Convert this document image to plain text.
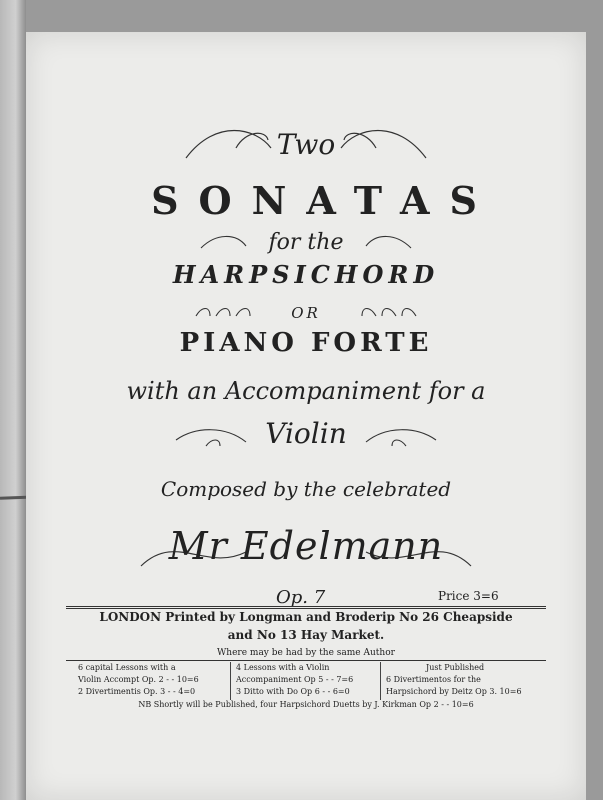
Two
SONATAS
for the
HARPSICHORD
OR
PIANO FORTE
with an Accompaniment for a
Violin
Composed by the celebrated
Mr Edelmann
Op. 7	Price 3=6
LONDON Printed by Longman and Broderip No 26 Cheapside
and No 13 Hay Market.
Where may be had by the same Author
6 capital Lessons with a
Violin Accompt Op. 2 - - 10=6
2 Divertimentis Op. 3 - - 4=0
4 Lessons with a Violin
Accompaniment Op 5 - - 7=6
3 Ditto with Do Op 6 - - 6=0
Just Published
6 Divertimentos for the
Harpsichord by Deitz Op 3. 10=6
NB Shortly will be Published, four Harpsichord Duetts by J. Kirkman Op 2 - - 10=6
